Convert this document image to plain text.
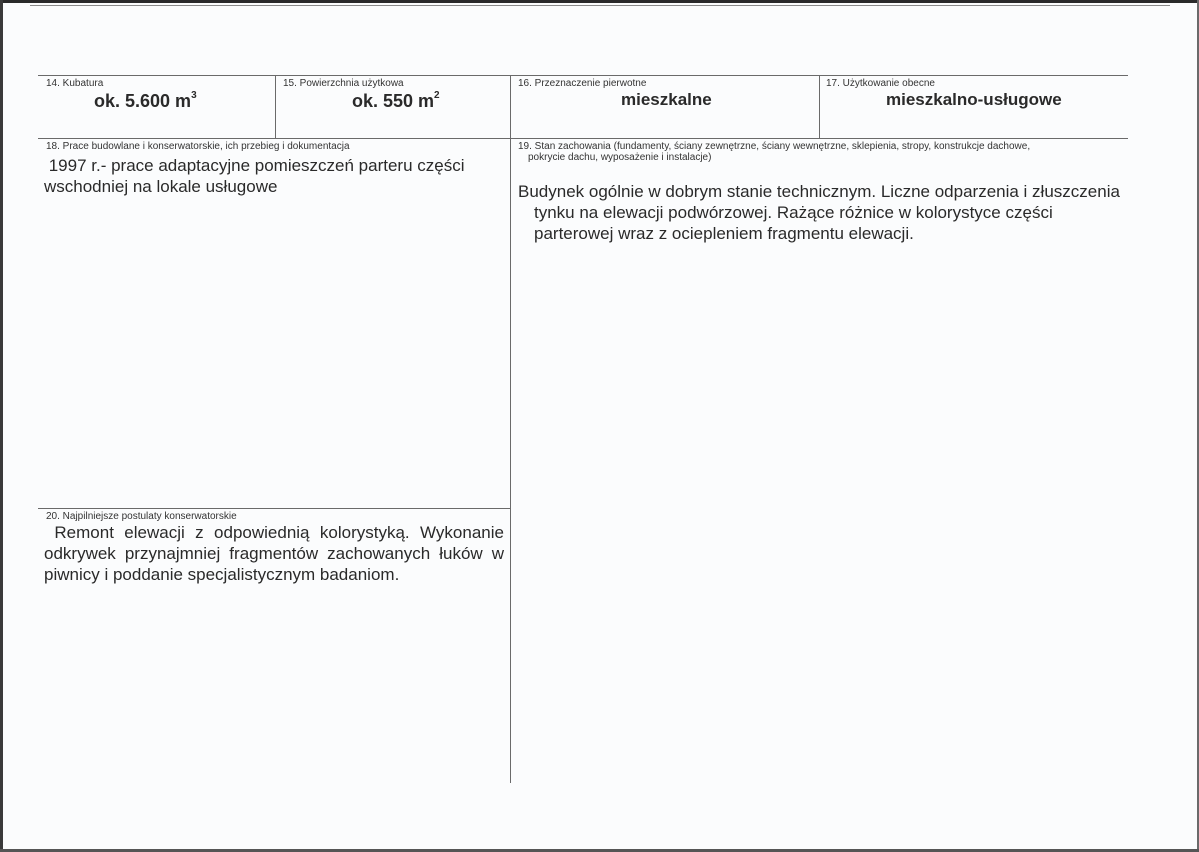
14. Kubatura
ok. 5.600 $m^3$
15. Powierzchnia użytkowa
ok. 550 $m^2$
16. Przeznaczenie pierwotne
mieszkalne
17. Użytkowanie obecne
mieszkalno-usługowe
18. Prace budowlane i konserwatorskie, ich przebieg i dokumentacja
1997 r.- prace adaptacyjne pomieszczeń parteru części
wschodniej na lokale usługowe
19. Stan zachowania (fundamenty, ściany zewnętrzne, ściany wewnętrzne, sklepienia, stropy, konstrukcje dachowe,
pokrycie dachu, wyposażenie i instalacje)
Budynek ogólnie w dobrym stanie technicznym. Liczne odparzenia i złuszczenia
tynku na elewacji podwórzowej. Rażące różnice w kolorystyce części
parterowej wraz z ociepleniem fragmentu elewacji.
20. Najpilniejsze postulaty konserwatorskie
Remont elewacji z odpowiednią kolorystyką. Wykonanie
odkrywek przynajmniej fragmentów zachowanych łuków w
piwnicy i poddanie specjalistycznym badaniom.
